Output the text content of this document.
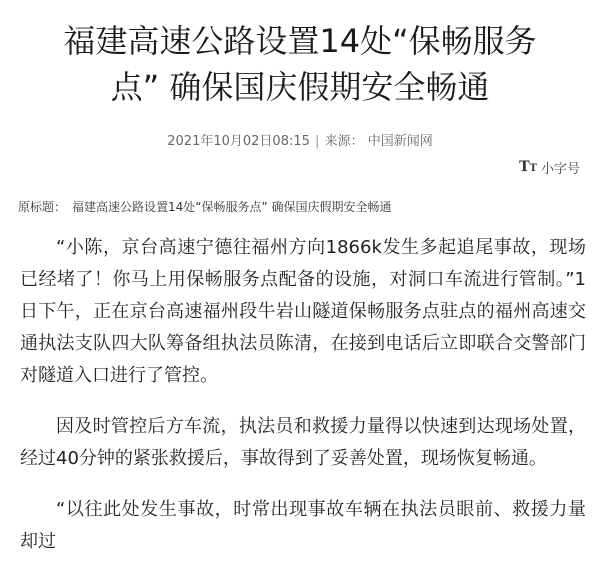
福建高速公路设置14处“保畅服务点” 确保国庆假期安全畅通
2021年10月02日08:15 | 来源： 中国新闻网
TT 小字号
原标题： 福建高速公路设置14处“保畅服务点” 确保国庆假期安全畅通

“小陈，京台高速宁德往福州方向1866k发生多起追尾事故，现场已经堵了！你马上用保畅服务点配备的设施，对洞口车流进行管制。”1日下午，正在京台高速福州段牛岩山隧道保畅服务点驻点的福州高速交通执法支队四大队筹备组执法员陈清，在接到电话后立即联合交警部门对隧道入口进行了管控。

因及时管控后方车流，执法员和救援力量得以快速到达现场处置，经过40分钟的紧张救援后，事故得到了妥善处置，现场恢复畅通。

“以往此处发生事故，时常出现事故车辆在执法员眼前、救援力量却过
